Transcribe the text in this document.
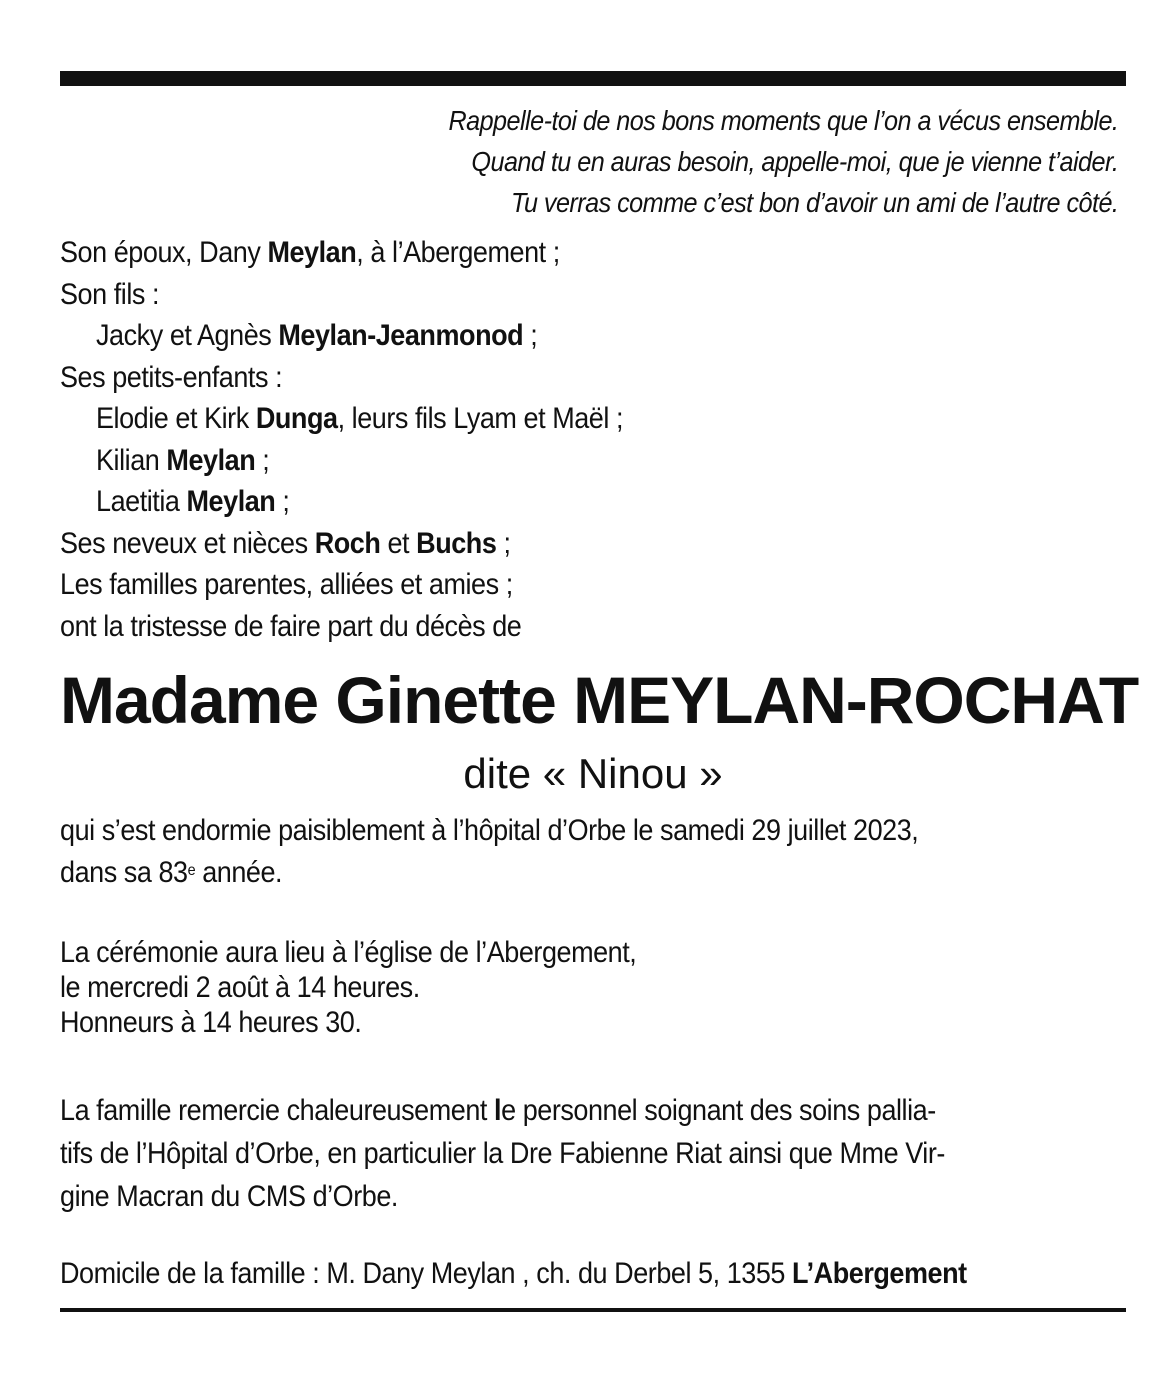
Rappelle-toi de nos bons moments que l’on a vécus ensemble.
Quand tu en auras besoin, appelle-moi, que je vienne t’aider.
Tu verras comme c’est bon d’avoir un ami de l’autre côté.
Son époux, Dany Meylan, à l’Abergement ;
Son fils :
Jacky et Agnès Meylan-Jeanmonod ;
Ses petits-enfants :
Elodie et Kirk Dunga, leurs fils Lyam et Maël ;
Kilian Meylan ;
Laetitia Meylan ;
Ses neveux et nièces Roch et Buchs ;
Les familles parentes, alliées et amies ;
ont la tristesse de faire part du décès de
Madame Ginette MEYLAN-ROCHAT
dite « Ninou »
qui s’est endormie paisiblement à l’hôpital d’Orbe le samedi 29 juillet 2023,
dans sa 83e année.
La cérémonie aura lieu à l’église de l’Abergement,
le mercredi 2 août à 14 heures.
Honneurs à 14 heures 30.
La famille remercie chaleureusement le personnel soignant des soins pallia-
tifs de l’Hôpital d’Orbe, en particulier la Dre Fabienne Riat ainsi que Mme Vir-
gine Macran du CMS d’Orbe.
Domicile de la famille : M. Dany Meylan , ch. du Derbel 5, 1355 L’Abergement
